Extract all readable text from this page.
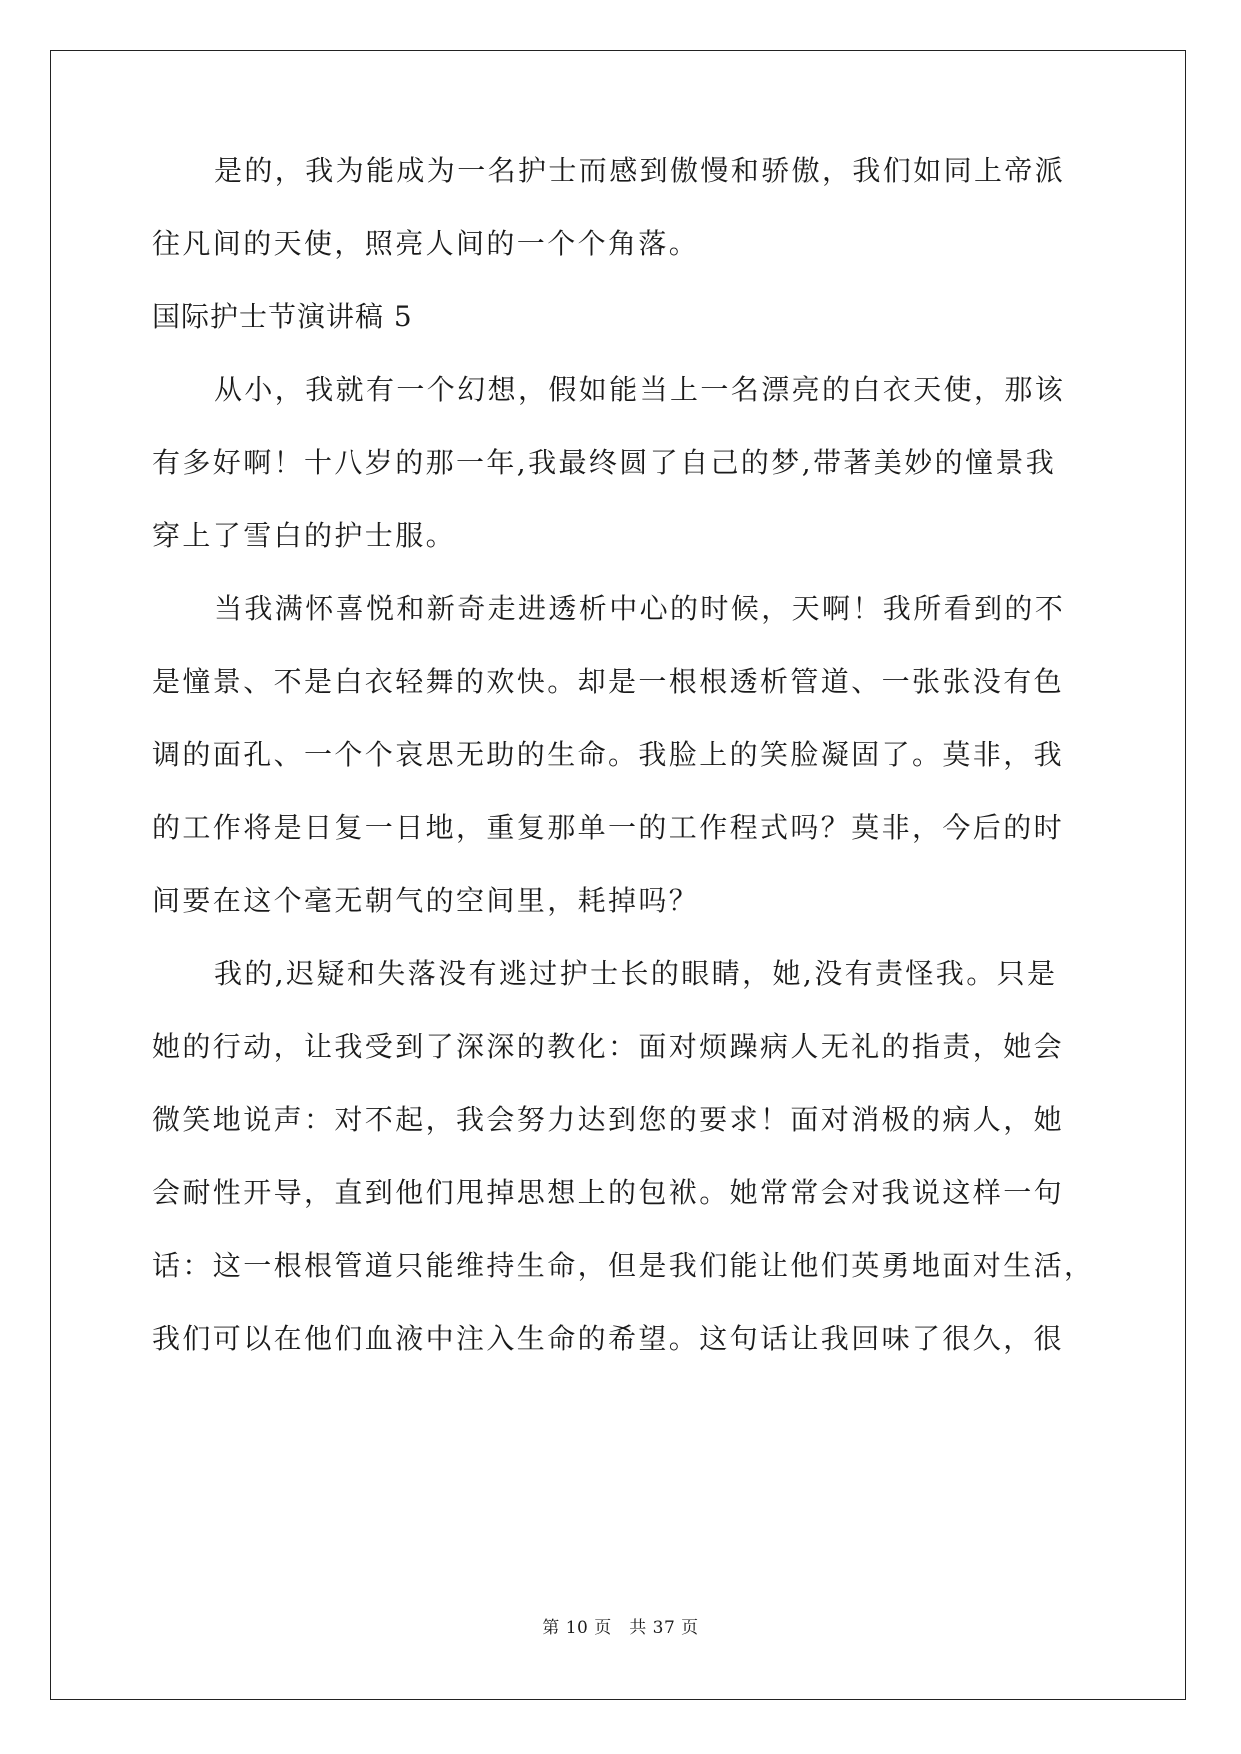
是的，我为能成为一名护士而感到傲慢和骄傲，我们如同上帝派
往凡间的天使，照亮人间的一个个角落。
国际护士节演讲稿 5
从小，我就有一个幻想，假如能当上一名漂亮的白衣天使，那该
有多好啊！十八岁的那一年,我最终圆了自己的梦,带著美妙的憧景我
穿上了雪白的护士服。
当我满怀喜悦和新奇走进透析中心的时候，天啊！我所看到的不
是憧景、不是白衣轻舞的欢快。却是一根根透析管道、一张张没有色
调的面孔、一个个哀思无助的生命。我脸上的笑脸凝固了。莫非，我
的工作将是日复一日地，重复那单一的工作程式吗？莫非，今后的时
间要在这个毫无朝气的空间里，耗掉吗？
我的,迟疑和失落没有逃过护士长的眼睛，她,没有责怪我。只是
她的行动，让我受到了深深的教化：面对烦躁病人无礼的指责，她会
微笑地说声：对不起，我会努力达到您的要求！面对消极的病人，她
会耐性开导，直到他们甩掉思想上的包袱。她常常会对我说这样一句
话：这一根根管道只能维持生命，但是我们能让他们英勇地面对生活，
我们可以在他们血液中注入生命的希望。这句话让我回味了很久，很
第 10 页　共 37 页
